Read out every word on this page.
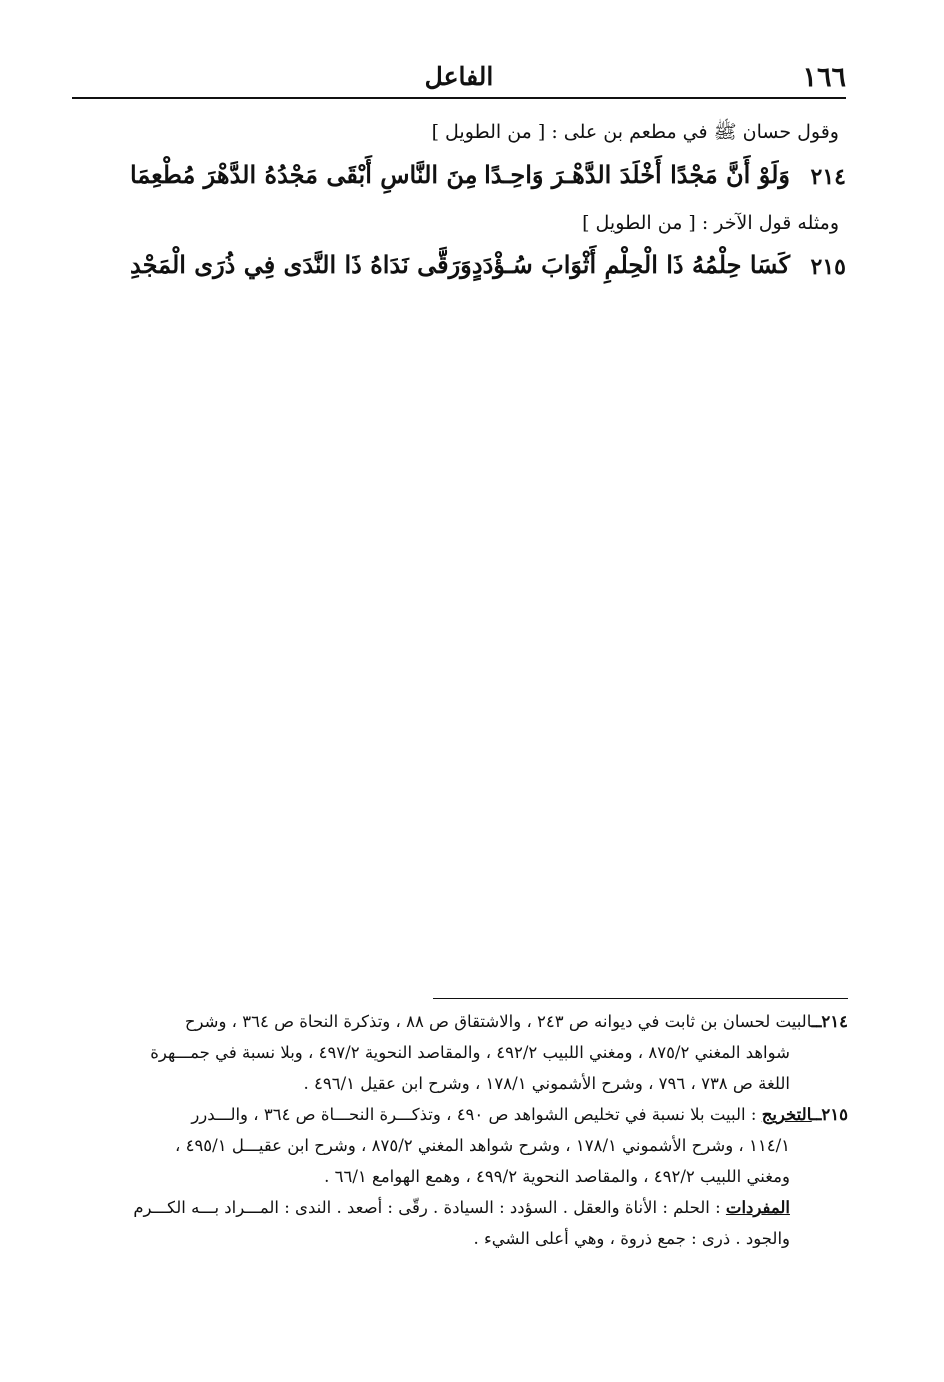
١٦٦
الفاعل
وقول حسان ﷺ في مطعم بن على : [ من الطويل ]
٢١٤
وَلَوْ أَنَّ مَجْدًا أَخْلَدَ الدَّهْـرَ وَاحِـدًا
مِنَ النَّاسِ أَبْقَى مَجْدُهُ الدَّهْرَ مُطْعِمَا
ومثله قول الآخر : [ من الطويل ]
٢١٥
كَسَا حِلْمُهُ ذَا الْحِلْمِ أَثْوَابَ سُـؤْدَدٍ
وَرَقَّى نَدَاهُ ذَا النَّدَى فِي ذُرَى الْمَجْدِ
٢١٤ــالبيت لحسان بن ثابت في ديوانه ص ٢٤٣ ، والاشتقاق ص ٨٨ ، وتذكرة النحاة ص ٣٦٤ ، وشرح
شواهد المغني ٨٧٥/٢ ، ومغني اللبيب ٤٩٢/٢ ، والمقاصد النحوية ٤٩٧/٢ ، وبلا نسبة في جمـــهرة
اللغة ص ٧٣٨ ، ٧٩٦ ، وشرح الأشموني ١٧٨/١ ، وشرح ابن عقيل ٤٩٦/١ .
٢١٥ــالتخريج : البيت بلا نسبة في تخليص الشواهد ص ٤٩٠ ، وتذكـــرة النحـــاة ص ٣٦٤ ، والـــدرر
١١٤/١ ، وشرح الأشموني ١٧٨/١ ، وشرح شواهد المغني ٨٧٥/٢ ، وشرح ابن عقيـــل ٤٩٥/١ ،
ومغني اللبيب ٤٩٢/٢ ، والمقاصد النحوية ٤٩٩/٢ ، وهمع الهوامع ٦٦/١ .
المفردات : الحلم : الأناة والعقل . السؤدد : السيادة . رقّى : أصعد . الندى : المـــراد بـــه الكـــرم
والجود . ذرى : جمع ذروة ، وهي أعلى الشيء .
